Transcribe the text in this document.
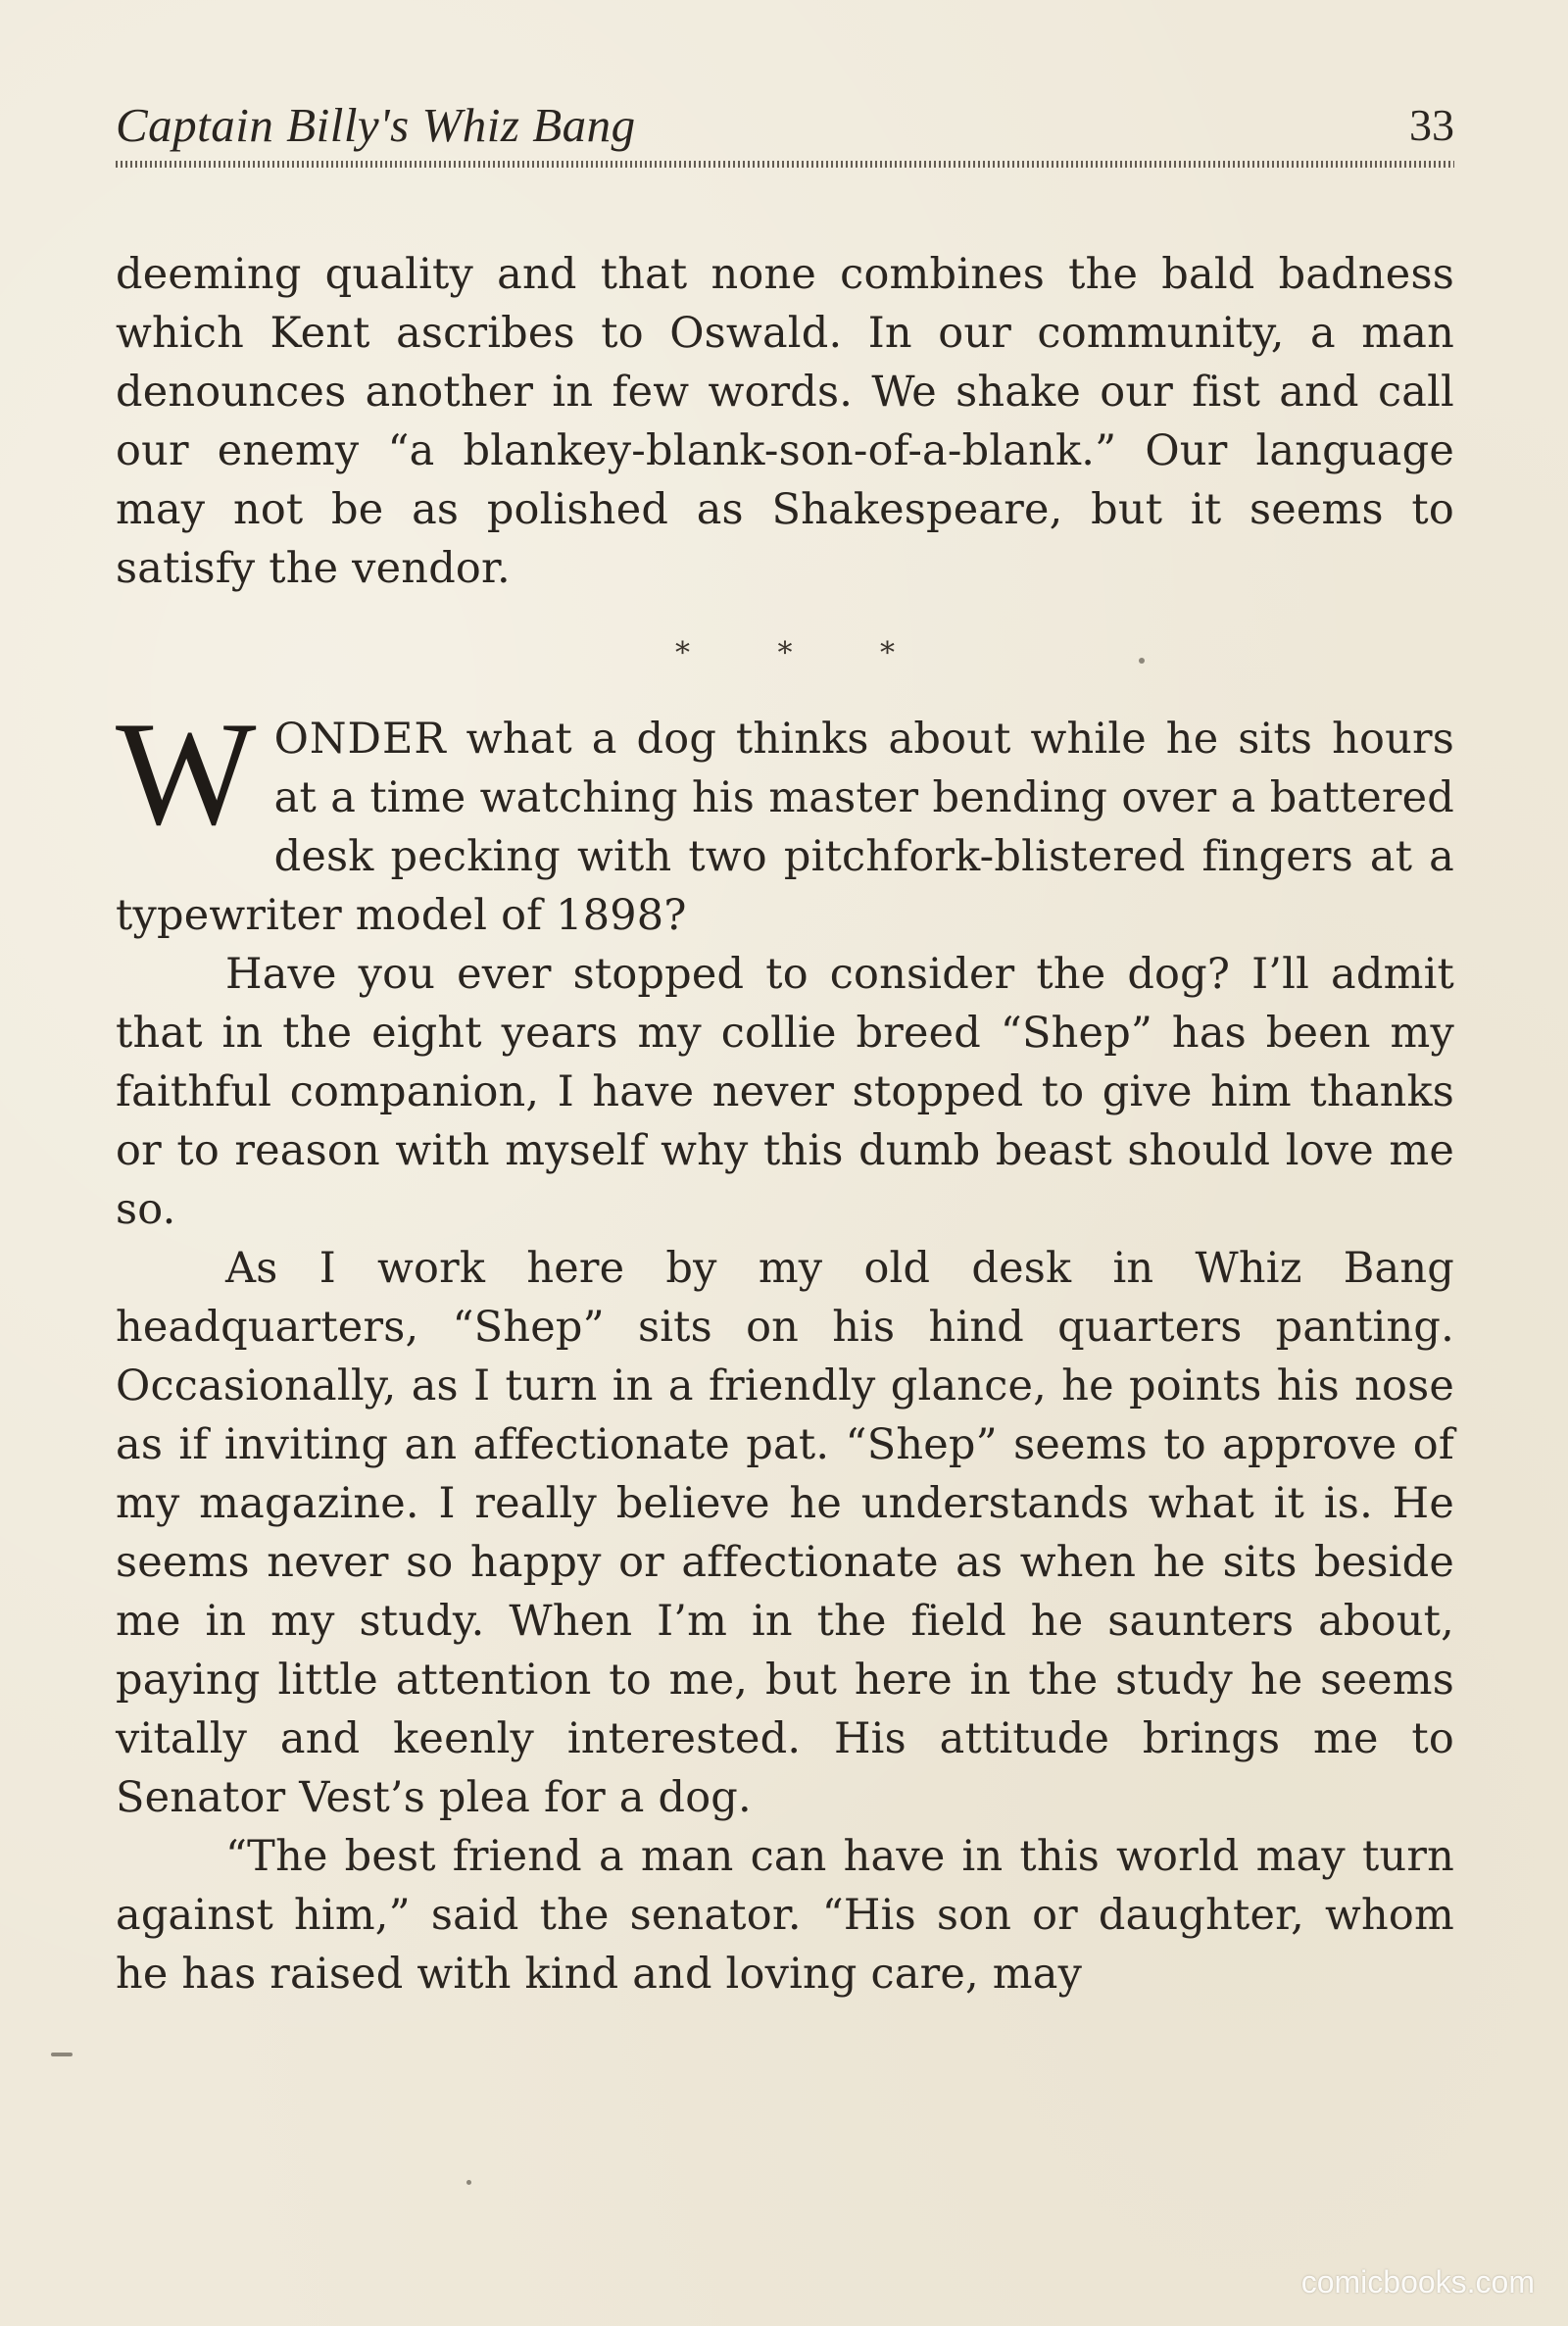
Captain Billy's Whiz Bang	33

deeming quality and that none combines the bald badness which Kent ascribes to Oswald. In our community, a man denounces another in few words. We shake our fist and call our enemy “a blankey-blank-son-of-a-blank.” Our language may not be as polished as Shakespeare, but it seems to satisfy the vendor.

* * *
W ONDER what a dog thinks about while he sits hours at a time watching his master bending over a battered desk pecking with two pitchfork-blistered fingers at a typewriter model of 1898?

Have you ever stopped to consider the dog? I’ll admit that in the eight years my collie breed “Shep” has been my faithful companion, I have never stopped to give him thanks or to reason with myself why this dumb beast should love me so.

As I work here by my old desk in Whiz Bang headquarters, “Shep” sits on his hind quarters panting. Occasionally, as I turn in a friendly glance, he points his nose as if inviting an affectionate pat. “Shep” seems to approve of my magazine. I really believe he understands what it is. He seems never so happy or affectionate as when he sits beside me in my study. When I’m in the field he saunters about, paying little attention to me, but here in the study he seems vitally and keenly interested. His attitude brings me to Senator Vest’s plea for a dog.

“The best friend a man can have in this world may turn against him,” said the senator. “His son or daughter, whom he has raised with kind and loving care, may

comicbooks.com
